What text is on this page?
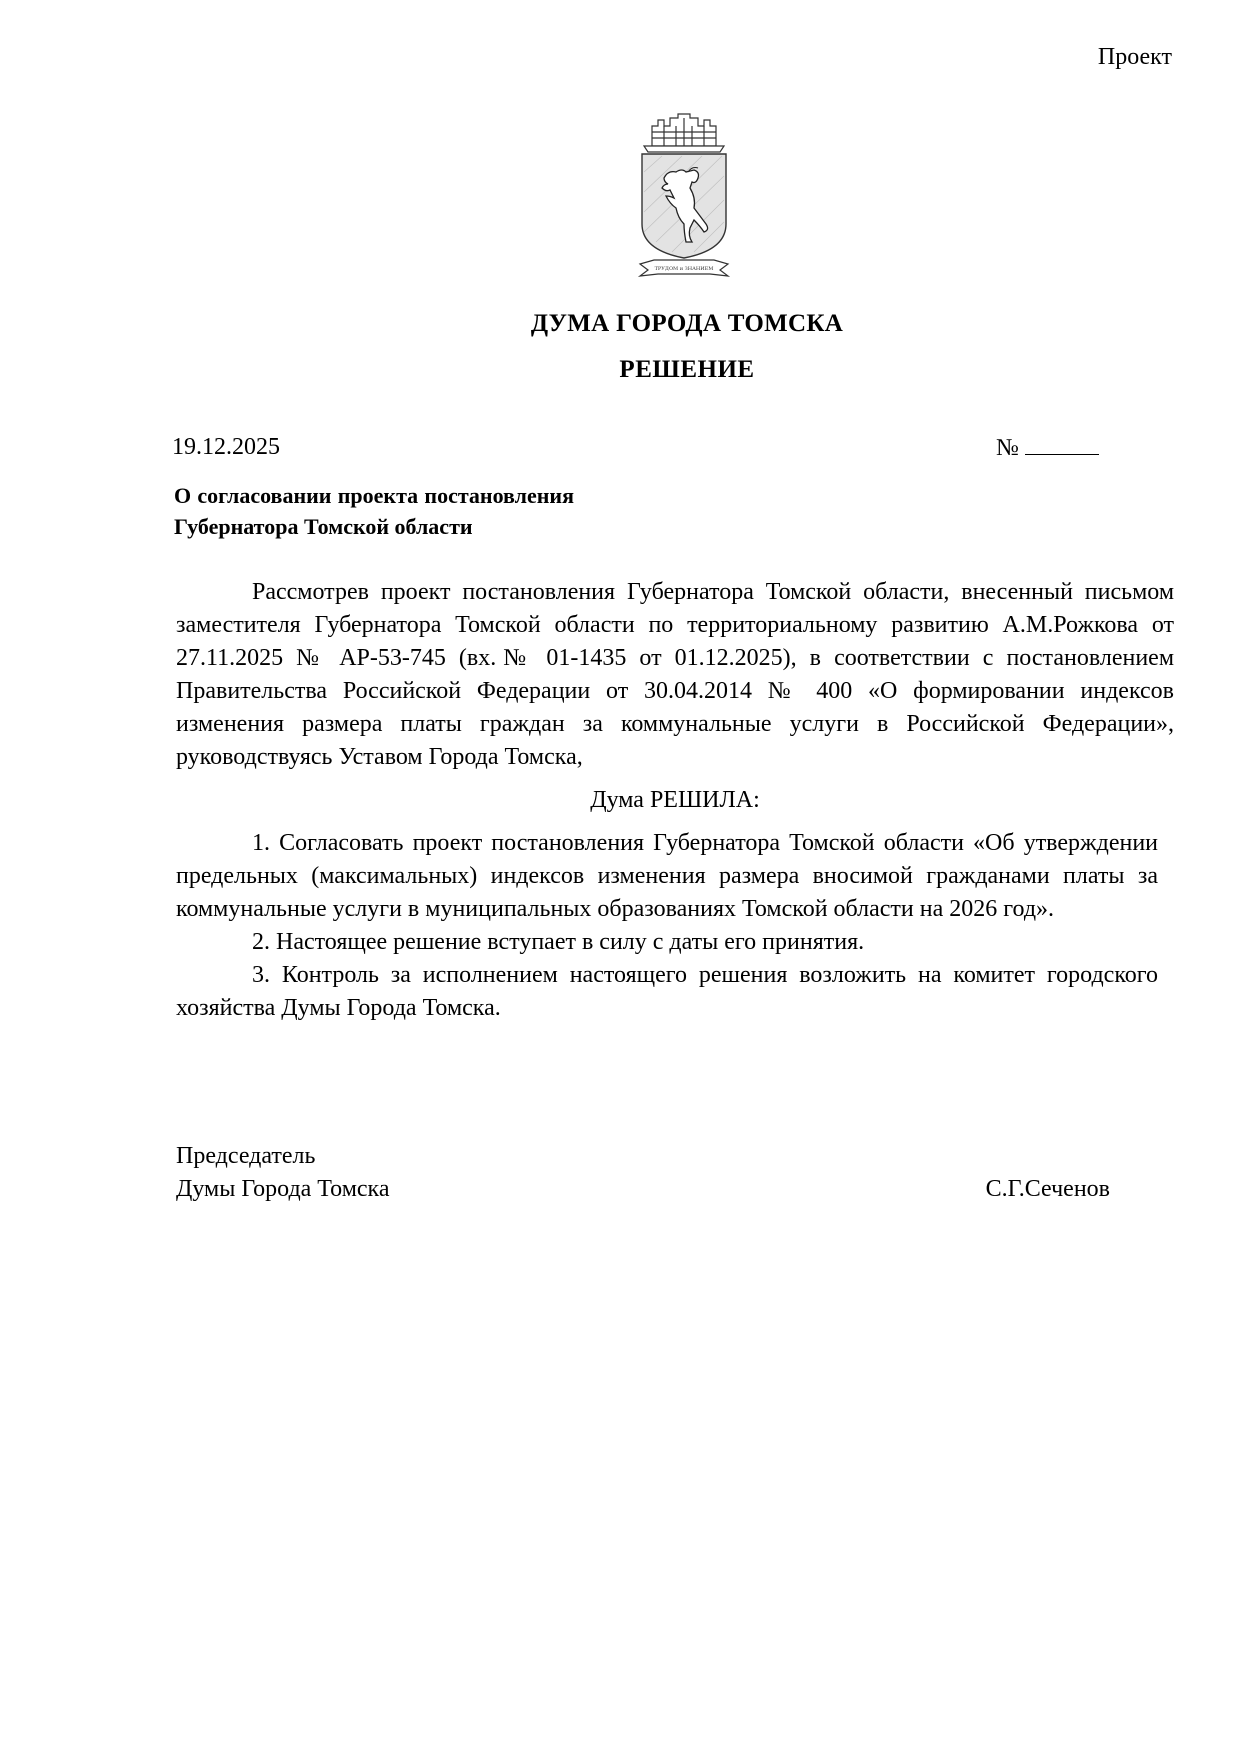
Проект
ТРУДОМ и ЗНАНИЕМ
ДУМА ГОРОДА ТОМСКА
РЕШЕНИЕ
19.12.2025	№
О согласовании проекта постановления Губернатора Томской области

Рассмотрев проект постановления Губернатора Томской области, внесенный письмом заместителя Губернатора Томской области по территориальному развитию А.М.Рожкова от 27.11.2025 № АР-53-745 (вх.№ 01-1435 от 01.12.2025), в соответствии с постановлением Правительства Российской Федерации от 30.04.2014 № 400 «О формировании индексов изменения размера платы граждан за коммунальные услуги в Российской Федерации», руководствуясь Уставом Города Томска,

Дума РЕШИЛА:

1. Согласовать проект постановления Губернатора Томской области «Об утверждении предельных (максимальных) индексов изменения размера вносимой гражданами платы за коммунальные услуги в муниципальных образованиях Томской области на 2026 год».

2. Настоящее решение вступает в силу с даты его принятия.

3. Контроль за исполнением настоящего решения возложить на комитет городского хозяйства Думы Города Томска.

Председатель
Думы Города Томска	С.Г.Сеченов
